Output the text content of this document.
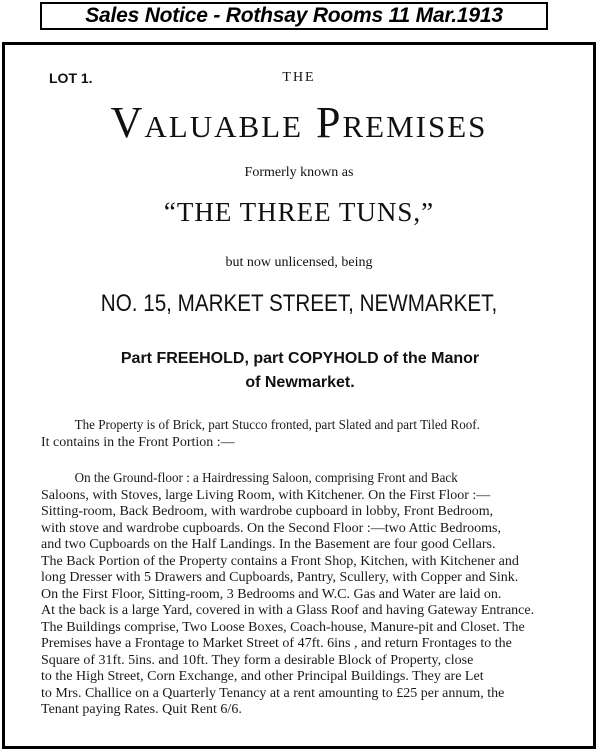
Sales Notice - Rothsay Rooms 11 Mar.1913
LOT 1.	THE
Valuable Premises
Formerly known as
“THE THREE TUNS,”
but now unlicensed, being
NO. 15, MARKET STREET, NEWMARKET,
Part FREEHOLD, part COPYHOLD of the Manor
of Newmarket.
The Property is of Brick, part Stucco fronted, part Slated and part Tiled Roof.
It contains in the Front Portion :—
On the Ground-floor : a Hairdressing Saloon, comprising Front and Back
Saloons, with Stoves, large Living Room, with Kitchener. On the First Floor :—
Sitting-room, Back Bedroom, with wardrobe cupboard in lobby, Front Bedroom,
with stove and wardrobe cupboards. On the Second Floor :—two Attic Bedrooms,
and two Cupboards on the Half Landings. In the Basement are four good Cellars.
The Back Portion of the Property contains a Front Shop, Kitchen, with Kitchener and
long Dresser with 5 Drawers and Cupboards, Pantry, Scullery, with Copper and Sink.
On the First Floor, Sitting-room, 3 Bedrooms and W.C. Gas and Water are laid on.
At the back is a large Yard, covered in with a Glass Roof and having Gateway Entrance.
The Buildings comprise, Two Loose Boxes, Coach-house, Manure-pit and Closet. The
Premises have a Frontage to Market Street of 47ft. 6ins , and return Frontages to the
Square of 31ft. 5ins. and 10ft. They form a desirable Block of Property, close
to the High Street, Corn Exchange, and other Principal Buildings. They are Let
to Mrs. Challice on a Quarterly Tenancy at a rent amounting to £25 per annum, the
Tenant paying Rates. Quit Rent 6/6.
